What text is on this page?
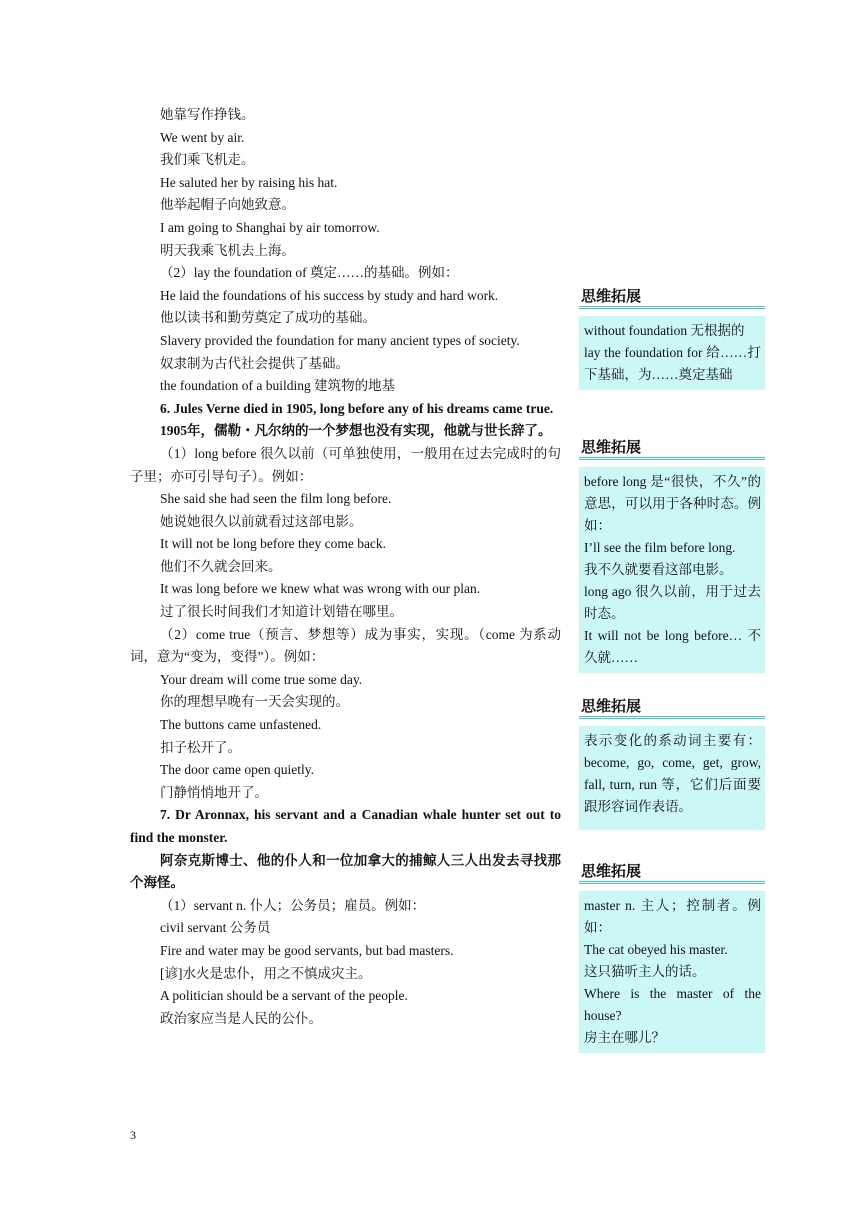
她靠写作挣钱。

We went by air.

我们乘飞机走。

He saluted her by raising his hat.

他举起帽子向她致意。

I am going to Shanghai by air tomorrow.

明天我乘飞机去上海。

（2）lay the foundation of 奠定……的基础。例如：

He laid the foundations of his success by study and hard work.

他以读书和勤劳奠定了成功的基础。

Slavery provided the foundation for many ancient types of society.

奴隶制为古代社会提供了基础。

the foundation of a building 建筑物的地基

6. Jules Verne died in 1905, long before any of his dreams came true.

1905年，儒勒・凡尔纳的一个梦想也没有实现，他就与世长辞了。

（1）long before 很久以前（可单独使用，一般用在过去完成时的句子里；亦可引导句子）。例如：

She said she had seen the film long before.

她说她很久以前就看过这部电影。

It will not be long before they come back.

他们不久就会回来。

It was long before we knew what was wrong with our plan.

过了很长时间我们才知道计划错在哪里。

（2）come true（预言、梦想等）成为事实，实现。（come 为系动词，意为“变为，变得”）。例如：

Your dream will come true some day.

你的理想早晚有一天会实现的。

The buttons came unfastened.

扣子松开了。

The door came open quietly.

门静悄悄地开了。

7. Dr Aronnax, his servant and a Canadian whale hunter set out to find the monster.

阿奈克斯博士、他的仆人和一位加拿大的捕鲸人三人出发去寻找那个海怪。

（1）servant n. 仆人；公务员；雇员。例如：

civil servant 公务员

Fire and water may be good servants, but bad masters.

[谚]水火是忠仆，用之不慎成灾主。

A politician should be a servant of the people.

政治家应当是人民的公仆。

3
思维拓展

without foundation 无根据的

lay the foundation for 给……打下基础，为……奠定基础

思维拓展

before long 是“很快，不久”的意思，可以用于各种时态。例如：

I’ll see the film before long.

我不久就要看这部电影。

long ago 很久以前，用于过去时态。

It will not be long before… 不久就……

思维拓展

表示变化的系动词主要有：become, go, come, get, grow, fall, turn, run 等，它们后面要跟形容词作表语。

思维拓展

master n. 主人；控制者。例如：

The cat obeyed his master.

这只猫听主人的话。

Where is the master of the house?

房主在哪儿？
